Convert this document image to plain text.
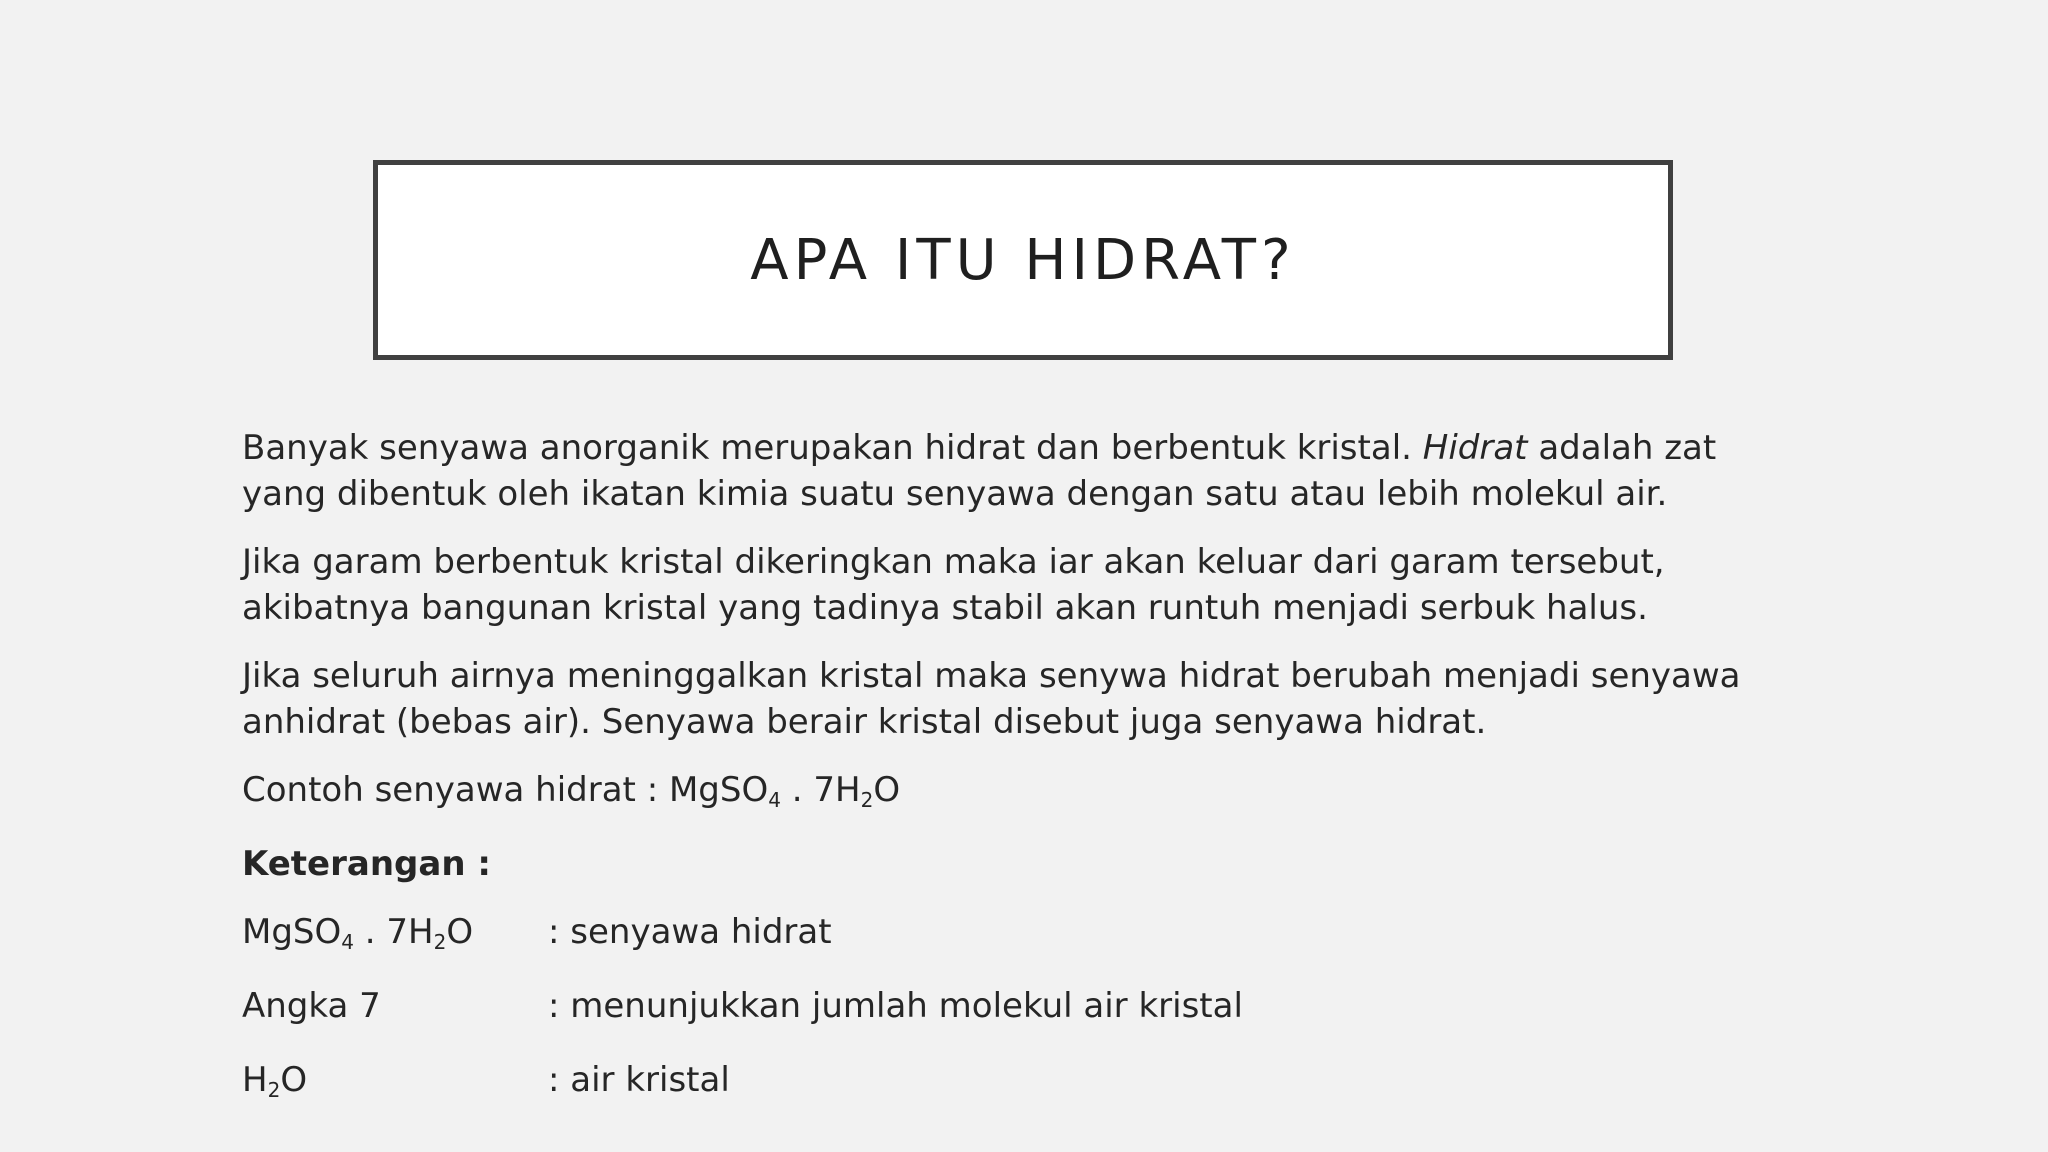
APA ITU HIDRAT?

Banyak senyawa anorganik merupakan hidrat dan berbentuk kristal. Hidrat adalah zat yang dibentuk oleh ikatan kimia suatu senyawa dengan satu atau lebih molekul air.

Jika garam berbentuk kristal dikeringkan maka iar akan keluar dari garam tersebut, akibatnya bangunan kristal yang tadinya stabil akan runtuh menjadi serbuk halus.

Jika seluruh airnya meninggalkan kristal maka senywa hidrat berubah menjadi senyawa anhidrat (bebas air). Senyawa berair kristal disebut juga senyawa hidrat.

Contoh senyawa hidrat : MgSO$_4$ . $7H_2O$

Keterangan :

MgSO$_4$ . $7H_2O$	: senyawa hidrat
Angka 7	: menunjukkan jumlah molekul air kristal
$H_2O$	: air kristal
